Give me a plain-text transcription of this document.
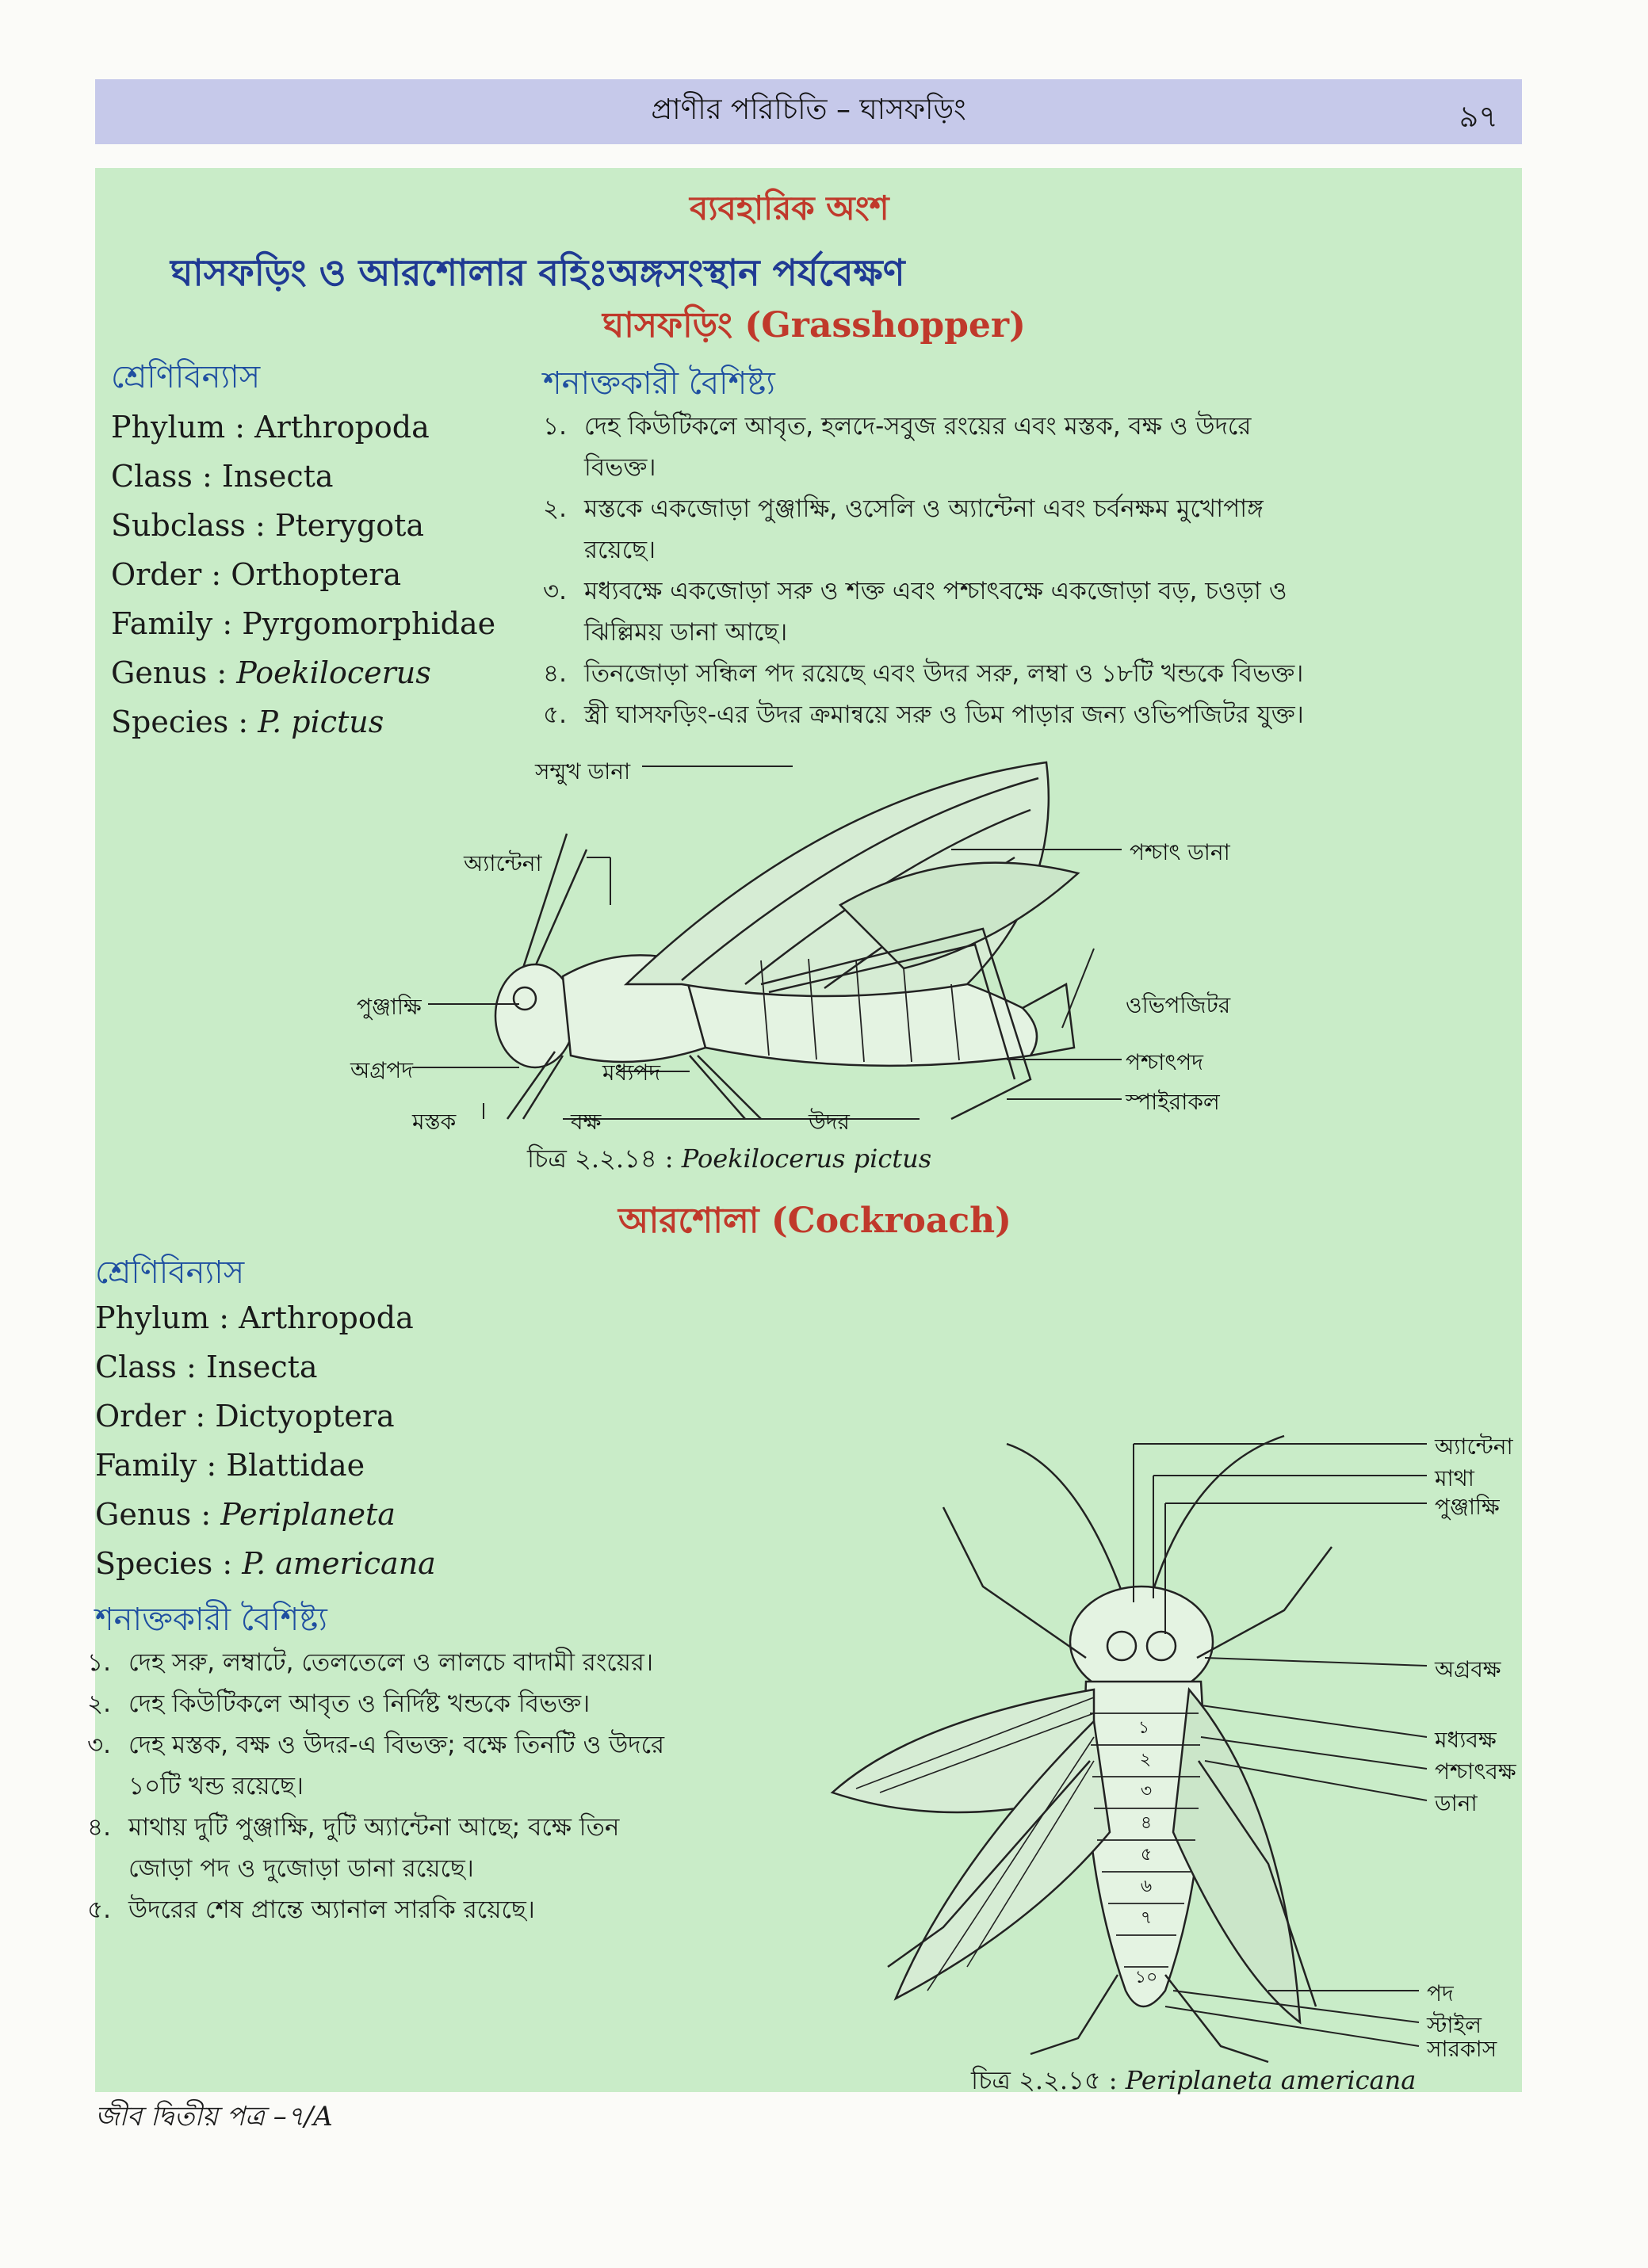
প্রাণীর পরিচিতি – ঘাসফড়িং	৯৭
ব্যবহারিক অংশ
ঘাসফড়িং ও আরশোলার বহিঃঅঙ্গসংস্থান পর্যবেক্ষণ
ঘাসফড়িং (Grasshopper)
শ্রেণিবিন্যাস
Phylum : Arthropoda
Class : Insecta
Subclass : Pterygota
Order : Orthoptera
Family : Pyrgomorphidae
Genus : Poekilocerus
Species : P. pictus
শনাক্তকারী বৈশিষ্ট্য
১. দেহ কিউটিকলে আবৃত, হলদে-সবুজ রংয়ের এবং মস্তক, বক্ষ ও উদরে
বিভক্ত।
২. মস্তকে একজোড়া পুঞ্জাক্ষি, ওসেলি ও অ্যান্টেনা এবং চর্বনক্ষম মুখোপাঙ্গ
রয়েছে।
৩. মধ্যবক্ষে একজোড়া সরু ও শক্ত এবং পশ্চাৎবক্ষে একজোড়া বড়, চওড়া ও
ঝিল্লিময় ডানা আছে।
৪. তিনজোড়া সন্ধিল পদ রয়েছে এবং উদর সরু, লম্বা ও ১৮টি খন্ডকে বিভক্ত।
৫. স্ত্রী ঘাসফড়িং-এর উদর ক্রমান্বয়ে সরু ও ডিম পাড়ার জন্য ওভিপজিটর যুক্ত।
সম্মুখ ডানা
অ্যান্টেনা	পশ্চাৎ ডানা
পুঞ্জাক্ষি	ওভিপজিটর
অগ্রপদ	মধ্যপদ	পশ্চাৎপদ
স্পাইরাকল
মস্তক	বক্ষ	উদর
চিত্র ২.২.১৪ : Poekilocerus pictus
আরশোলা (Cockroach)
শ্রেণিবিন্যাস
Phylum : Arthropoda
Class : Insecta
Order : Dictyoptera
Family : Blattidae
Genus : Periplaneta
Species : P. americana
শনাক্তকারী বৈশিষ্ট্য
১. দেহ সরু, লম্বাটে, তেলতেলে ও লালচে বাদামী রংয়ের।
২. দেহ কিউটিকলে আবৃত ও নির্দিষ্ট খন্ডকে বিভক্ত।
৩. দেহ মস্তক, বক্ষ ও উদর-এ বিভক্ত; বক্ষে তিনটি ও উদরে
১০টি খন্ড রয়েছে।
৪. মাথায় দুটি পুঞ্জাক্ষি, দুটি অ্যান্টেনা আছে; বক্ষে তিন
জোড়া পদ ও দুজোড়া ডানা রয়েছে।
৫. উদরের শেষ প্রান্তে অ্যানাল সারকি রয়েছে।
১
২
৩
৪
৫
৬
৭
১০
অ্যান্টেনা
মাথা
পুঞ্জাক্ষি
অগ্রবক্ষ
মধ্যবক্ষ
পশ্চাৎবক্ষ
ডানা
পদ
স্টাইল
সারকাস
চিত্র ২.২.১৫ : Periplaneta americana
জীব দ্বিতীয় পত্র –৭/A
